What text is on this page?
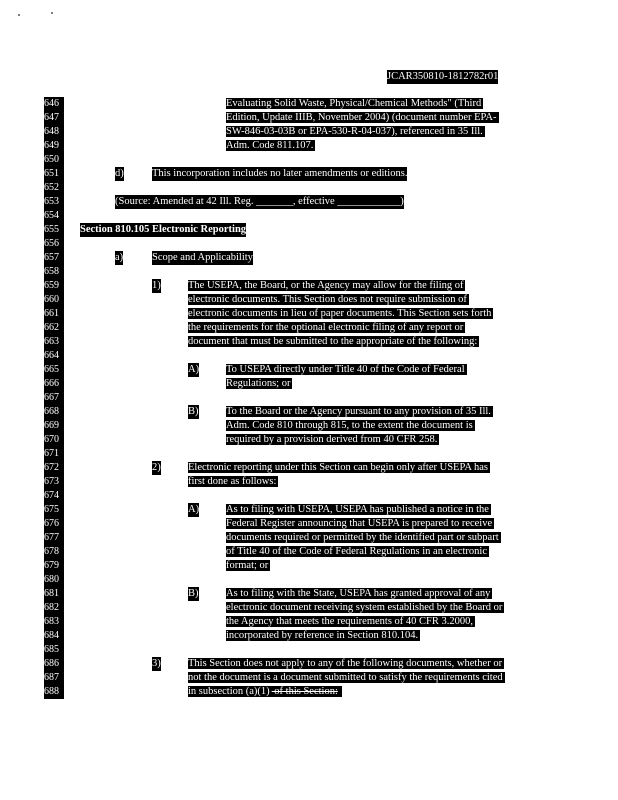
JCAR350810-1812782r01
646
647
648
649
650
651
652
653
654
655
656
657
658
659
660
661
662
663
664
665
666
667
668
669
670
671
672
673
674
675
676
677
678
679
680
681
682
683
684
685
686
687
688
Evaluating Solid Waste, Physical/Chemical Methods" (Third
Edition, Update IIIB, November 2004) (document number EPA-
SW-846-03-03B or EPA-530-R-04-037), referenced in 35 Ill.
Adm. Code 811.107.
d)	This incorporation includes no later amendments or editions.
(Source: Amended at 42 Ill. Reg. _______, effective ____________)
Section 810.105 Electronic Reporting
a)	Scope and Applicability
1)	The USEPA, the Board, or the Agency may allow for the filing of
electronic documents. This Section does not require submission of
electronic documents in lieu of paper documents. This Section sets forth
the requirements for the optional electronic filing of any report or
document that must be submitted to the appropriate of the following:
A)	To USEPA directly under Title 40 of the Code of Federal
Regulations; or
B)	To the Board or the Agency pursuant to any provision of 35 Ill.
Adm. Code 810 through 815, to the extent the document is
required by a provision derived from 40 CFR 258.
2)	Electronic reporting under this Section can begin only after USEPA has
first done as follows:
A)	As to filing with USEPA, USEPA has published a notice in the
Federal Register announcing that USEPA is prepared to receive
documents required or permitted by the identified part or subpart
of Title 40 of the Code of Federal Regulations in an electronic
format; or
B)	As to filing with the State, USEPA has granted approval of any
electronic document receiving system established by the Board or
the Agency that meets the requirements of 40 CFR 3.2000,
incorporated by reference in Section 810.104.
3)	This Section does not apply to any of the following documents, whether or
not the document is a document submitted to satisfy the requirements cited
in subsection (a)(1) of this Section:
